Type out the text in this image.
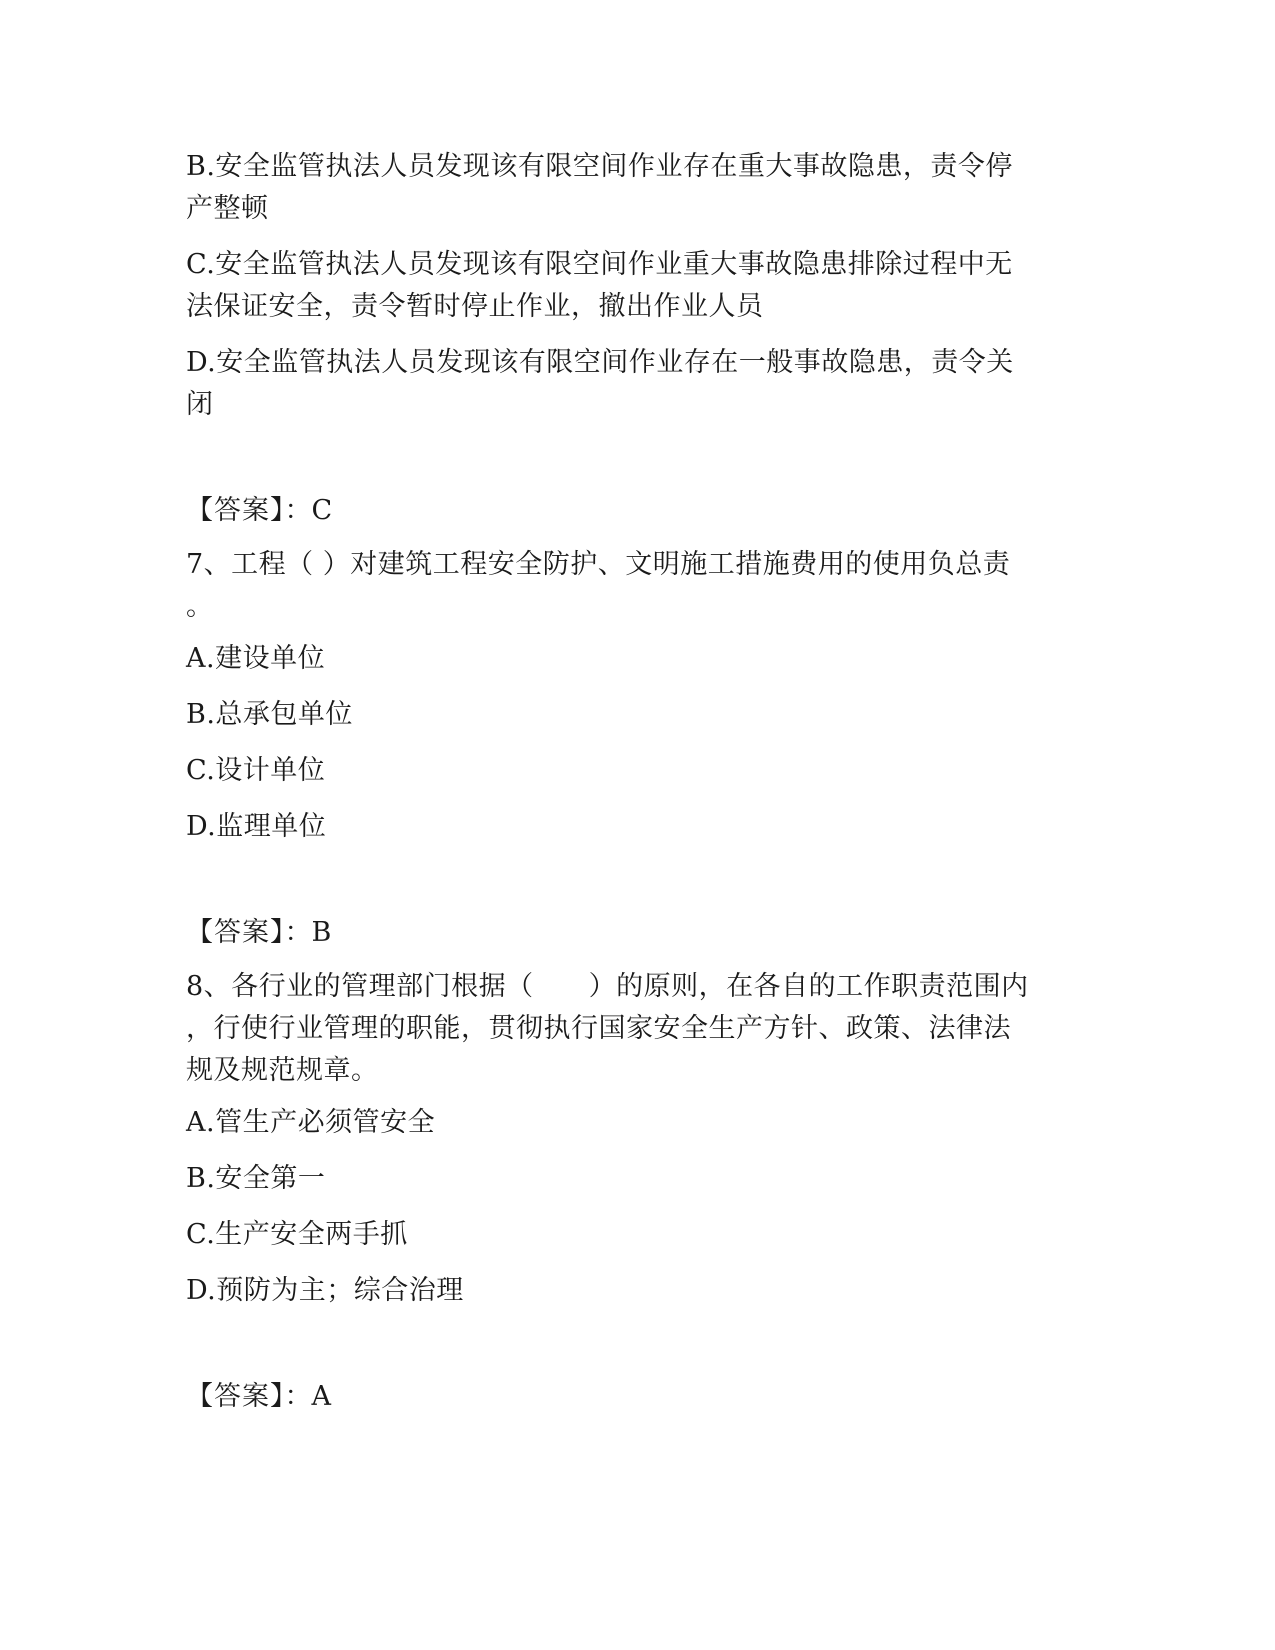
B.安全监管执法人员发现该有限空间作业存在重大事故隐患，责令停
产整顿
C.安全监管执法人员发现该有限空间作业重大事故隐患排除过程中无
法保证安全，责令暂时停止作业，撤出作业人员
D.安全监管执法人员发现该有限空间作业存在一般事故隐患，责令关
闭
【答案】：C
7、工程（ ）对建筑工程安全防护、文明施工措施费用的使用负总责
。
A.建设单位
B.总承包单位
C.设计单位
D.监理单位
【答案】：B
8、各行业的管理部门根据（　　）的原则，在各自的工作职责范围内
，行使行业管理的职能，贯彻执行国家安全生产方针、政策、法律法
规及规范规章。
A.管生产必须管安全
B.安全第一
C.生产安全两手抓
D.预防为主；综合治理
【答案】：A
